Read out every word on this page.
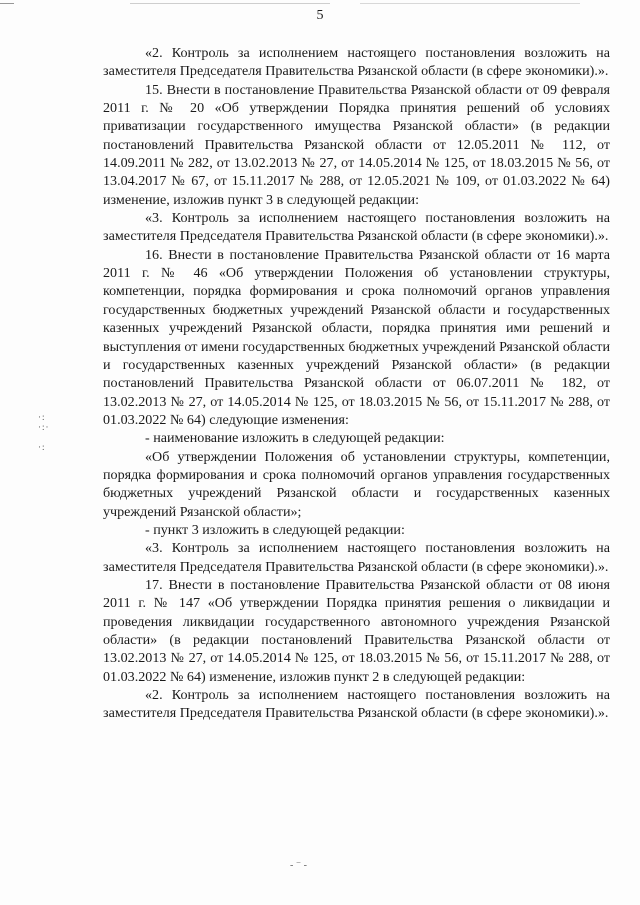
5

«2. Контроль за исполнением настоящего постановления возложить на заместителя Председателя Правительства Рязанской области (в сфере экономики).».

15. Внести в постановление Правительства Рязанской области от 09 февраля 2011 г. № 20 «Об утверждении Порядка принятия решений об условиях приватизации государственного имущества Рязанской области» (в редакции постановлений Правительства Рязанской области от 12.05.2011 № 112, от 14.09.2011 № 282, от 13.02.2013 № 27, от 14.05.2014 № 125, от 18.03.2015 № 56, от 13.04.2017 № 67, от 15.11.2017 № 288, от 12.05.2021 № 109, от 01.03.2022 № 64) изменение, изложив пункт 3 в следующей редакции:

«3. Контроль за исполнением настоящего постановления возложить на заместителя Председателя Правительства Рязанской области (в сфере экономики).».

16. Внести в постановление Правительства Рязанской области от 16 марта 2011 г. № 46 «Об утверждении Положения об установлении структуры, компетенции, порядка формирования и срока полномочий органов управления государственных бюджетных учреждений Рязанской области и государственных казенных учреждений Рязанской области, порядка принятия ими решений и выступления от имени государственных бюджетных учреждений Рязанской области и государственных казенных учреждений Рязанской области» (в редакции постановлений Правительства Рязанской области от 06.07.2011 № 182, от 13.02.2013 № 27, от 14.05.2014 № 125, от 18.03.2015 № 56, от 15.11.2017 № 288, от 01.03.2022 № 64) следующие изменения:

- наименование изложить в следующей редакции:

«Об утверждении Положения об установлении структуры, компетенции, порядка формирования и срока полномочий органов управления государственных бюджетных учреждений Рязанской области и государственных казенных учреждений Рязанской области»;

- пункт 3 изложить в следующей редакции:

«3. Контроль за исполнением настоящего постановления возложить на заместителя Председателя Правительства Рязанской области (в сфере экономики).».

17. Внести в постановление Правительства Рязанской области от 08 июня 2011 г. № 147 «Об утверждении Порядка принятия решения о ликвидации и проведения ликвидации государственного автономного учреждения Рязанской области» (в редакции постановлений Правительства Рязанской области от 13.02.2013 № 27, от 14.05.2014 № 125, от 18.03.2015 № 56, от 15.11.2017 № 288, от 01.03.2022 № 64) изменение, изложив пункт 2 в следующей редакции:

«2. Контроль за исполнением настоящего постановления возложить на заместителя Председателя Правительства Рязанской области (в сфере экономики).».

·:
·:·

·:
- ⁻ -
